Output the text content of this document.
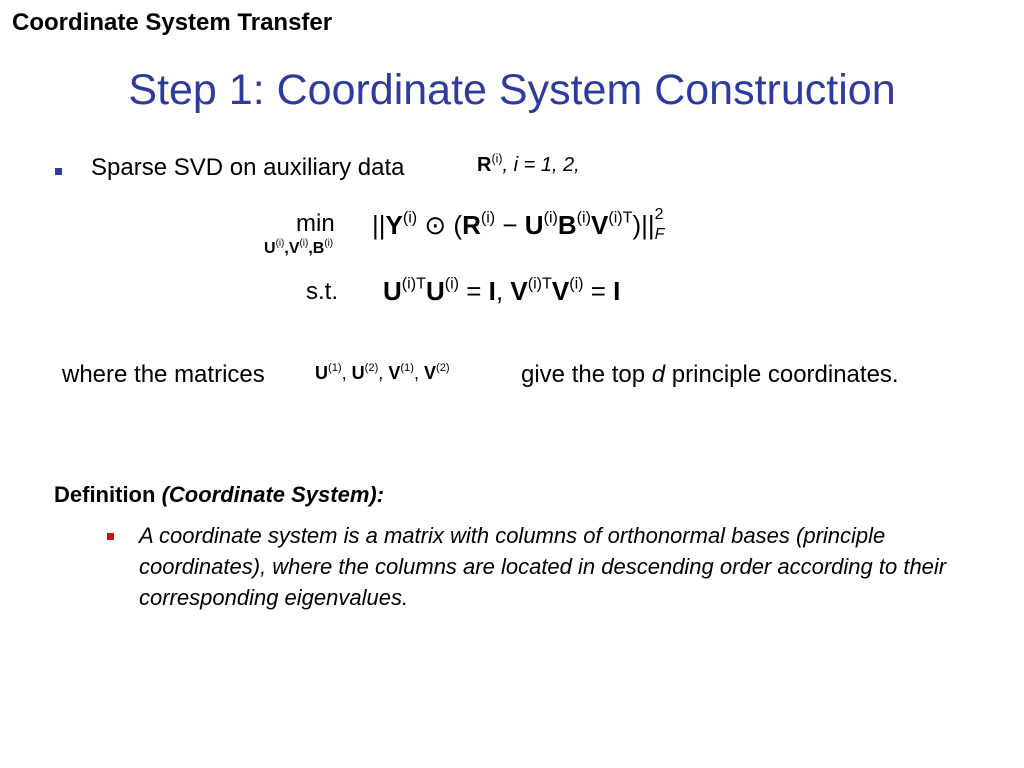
Coordinate System Transfer
Step 1: Coordinate System Construction
Sparse SVD on auxiliary data	$R^{(i)}$, i = 1, 2,
min
$U^{(i)},V^{(i)},B^{(i)}$
$||Y^{(i)}$ ⊙ $(R^{(i)} - U^{(i)}B^{(i)}V^{(i)T})||$ 2
F
s.t. $U^{(i)T}U^{(i)} = I$, $V^{(i)T}V^{(i)} = I$
where the matrices	$U^{(1)}$, $U^{(2)}$, $V^{(1)}$, $V^{(2)}$	give the top d principle coordinates.
Definition (Coordinate System):
A coordinate system is a matrix with columns of orthonormal bases (principle coordinates), where the columns are located in descending order according to their corresponding eigenvalues.
